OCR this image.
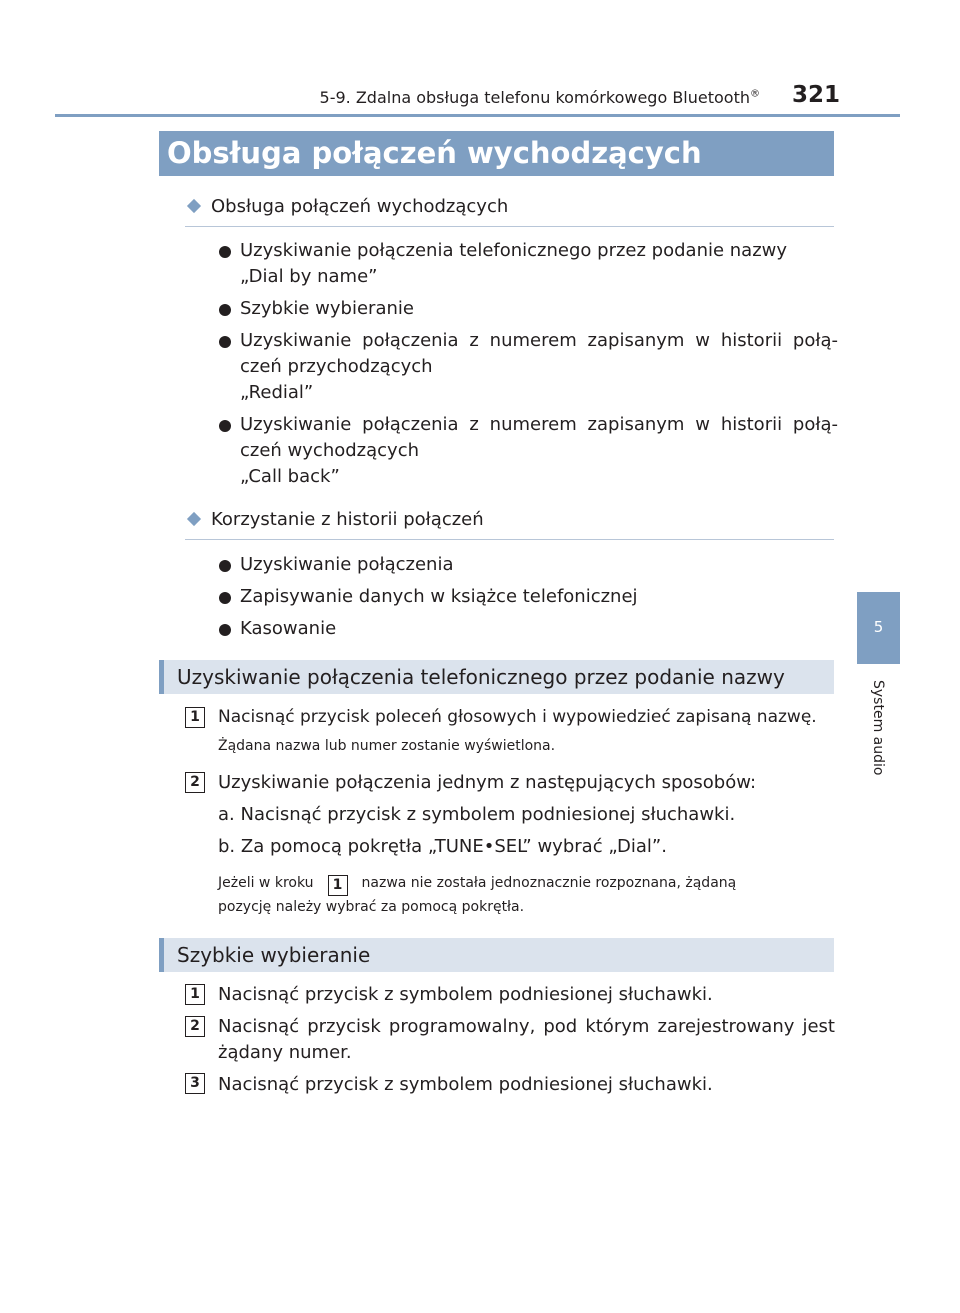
5-9. Zdalna obsługa telefonu komórkowego Bluetooth®	321
5
System audio
Obsługa połączeń wychodzących
Obsługa połączeń wychodzących
Uzyskiwanie połączenia telefonicznego przez podanie nazwy
„Dial by name”
Szybkie wybieranie
Uzyskiwanie połączenia z numerem zapisanym w historii połą-
czeń przychodzących
„Redial”
Uzyskiwanie połączenia z numerem zapisanym w historii połą-
czeń wychodzących
„Call back”
Korzystanie z historii połączeń
Uzyskiwanie połączenia
Zapisywanie danych w książce telefonicznej
Kasowanie
Uzyskiwanie połączenia telefonicznego przez podanie nazwy
1	Nacisnąć przycisk poleceń głosowych i wypowiedzieć zapisaną nazwę.
Żądana nazwa lub numer zostanie wyświetlona.
2 Uzyskiwanie połączenia jednym z następujących sposobów:
a. Nacisnąć przycisk z symbolem podniesionej słuchawki.
b. Za pomocą pokrętła „TUNE•SEL” wybrać „Dial”.
Jeżeli w kroku 1 nazwa nie została jednoznacznie rozpoznana, żądaną
pozycję należy wybrać za pomocą pokrętła.
Szybkie wybieranie
1 Nacisnąć przycisk z symbolem podniesionej słuchawki.
2 Nacisnąć przycisk programowalny, pod którym zarejestrowany jest
żądany numer.
3 Nacisnąć przycisk z symbolem podniesionej słuchawki.
